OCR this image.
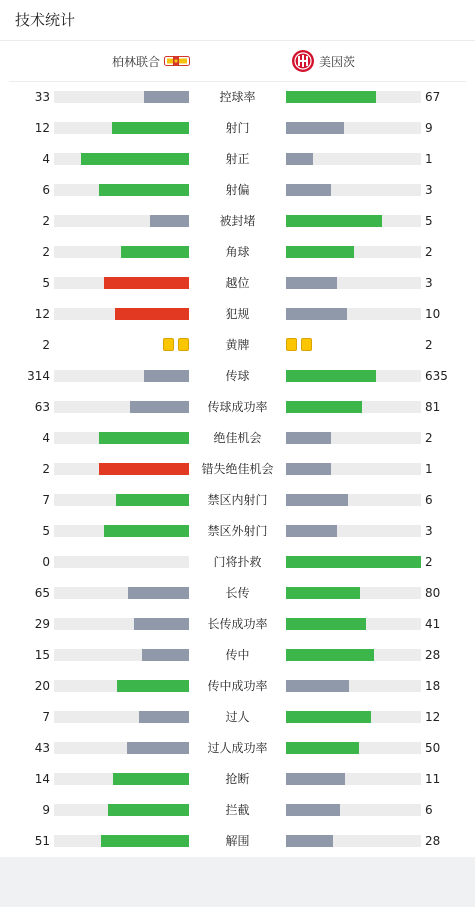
技术统计
柏林联合	美因茨
33	控球率	67
12	射门	9
4	射正	1
6	射偏	3
2	被封堵	5
2	角球	2
5	越位	3
12	犯规	10
2	黄牌	2
314	传球	635
63	传球成功率	81
4	绝佳机会	2
2	错失绝佳机会	1
7	禁区内射门	6
5	禁区外射门	3
0	门将扑救	2
65	长传	80
29	长传成功率	41
15	传中	28
20	传中成功率	18
7	过人	12
43	过人成功率	50
14	抢断	11
9	拦截	6
51	解围	28
